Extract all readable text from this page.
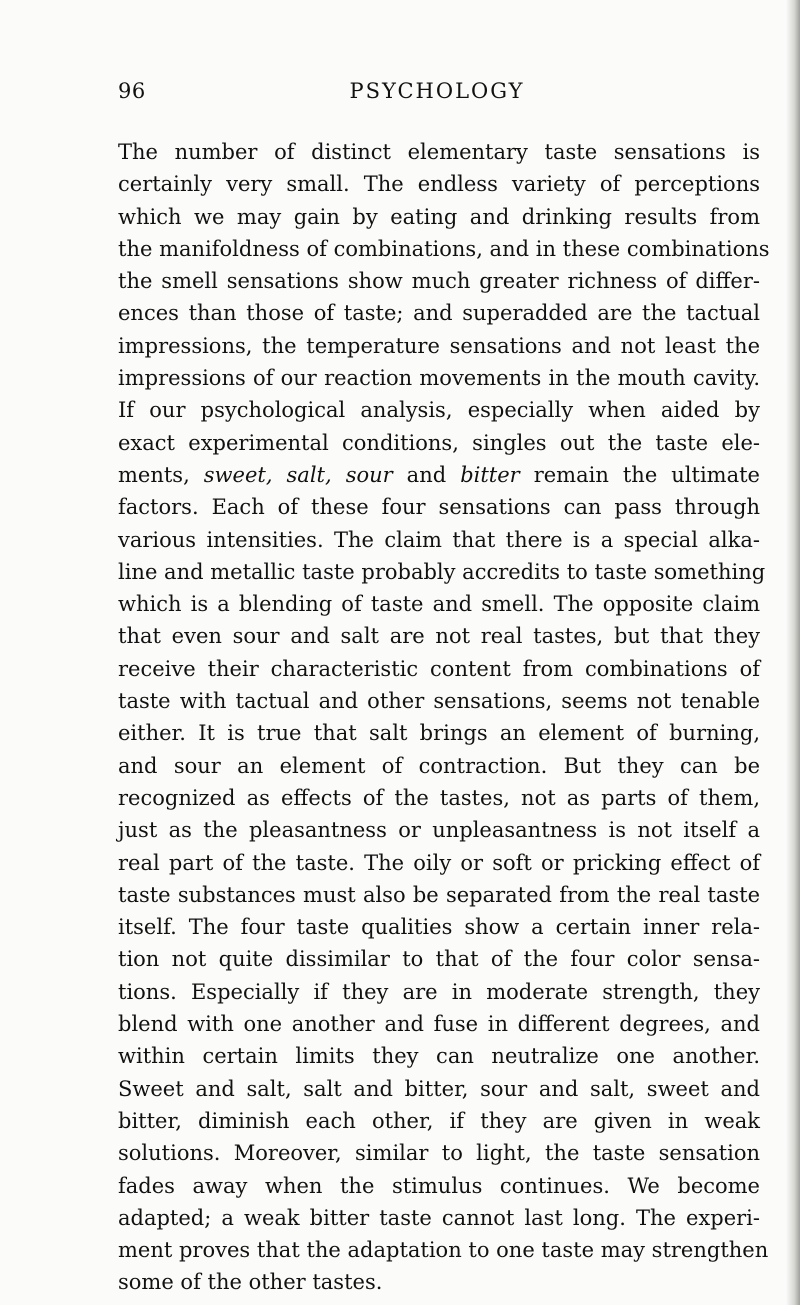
96	PSYCHOLOGY
The number of distinct elementary taste sensations is
certainly very small. The endless variety of perceptions
which we may gain by eating and drinking results from
the manifoldness of combinations, and in these combinations
the smell sensations show much greater richness of differ-
ences than those of taste; and superadded are the tactual
impressions, the temperature sensations and not least the
impressions of our reaction movements in the mouth cavity.
If our psychological analysis, especially when aided by
exact experimental conditions, singles out the taste ele-
ments, sweet, salt, sour and bitter remain the ultimate
factors. Each of these four sensations can pass through
various intensities. The claim that there is a special alka-
line and metallic taste probably accredits to taste something
which is a blending of taste and smell. The opposite claim
that even sour and salt are not real tastes, but that they
receive their characteristic content from combinations of
taste with tactual and other sensations, seems not tenable
either. It is true that salt brings an element of burning,
and sour an element of contraction. But they can be
recognized as effects of the tastes, not as parts of them,
just as the pleasantness or unpleasantness is not itself a
real part of the taste. The oily or soft or pricking effect of
taste substances must also be separated from the real taste
itself. The four taste qualities show a certain inner rela-
tion not quite dissimilar to that of the four color sensa-
tions. Especially if they are in moderate strength, they
blend with one another and fuse in different degrees, and
within certain limits they can neutralize one another.
Sweet and salt, salt and bitter, sour and salt, sweet and
bitter, diminish each other, if they are given in weak
solutions. Moreover, similar to light, the taste sensation
fades away when the stimulus continues. We become
adapted; a weak bitter taste cannot last long. The experi-
ment proves that the adaptation to one taste may strengthen
some of the other tastes.
